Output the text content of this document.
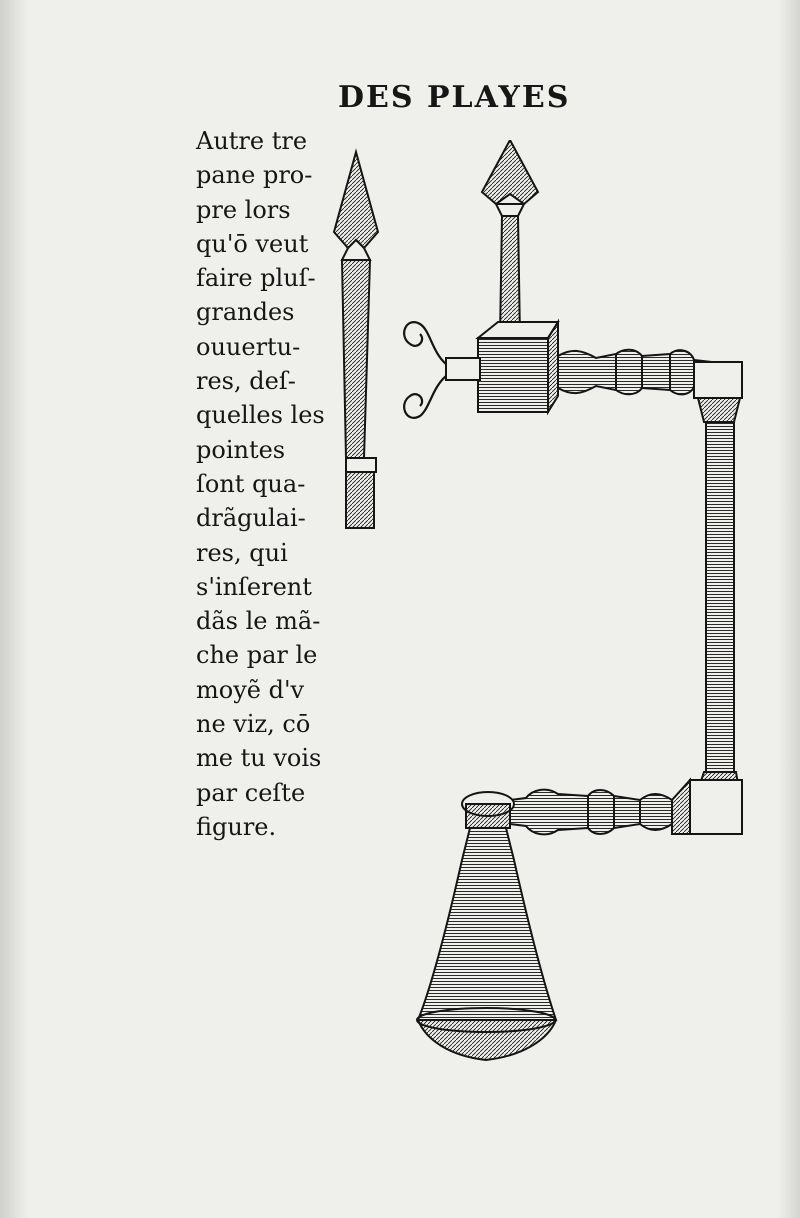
DES PLAYES
Autre tre
pane pro-
pre lors
qu'ō veut
faire pluſ-
grandes
ouuertu-
res, deſ-
quelles les
pointes
ſont qua-
drãgulai-
res, qui
s'inſerent
dãs le mã-
che par le
moyẽ d'v
ne viz, cō
me tu vois
par ceſte
figure.
